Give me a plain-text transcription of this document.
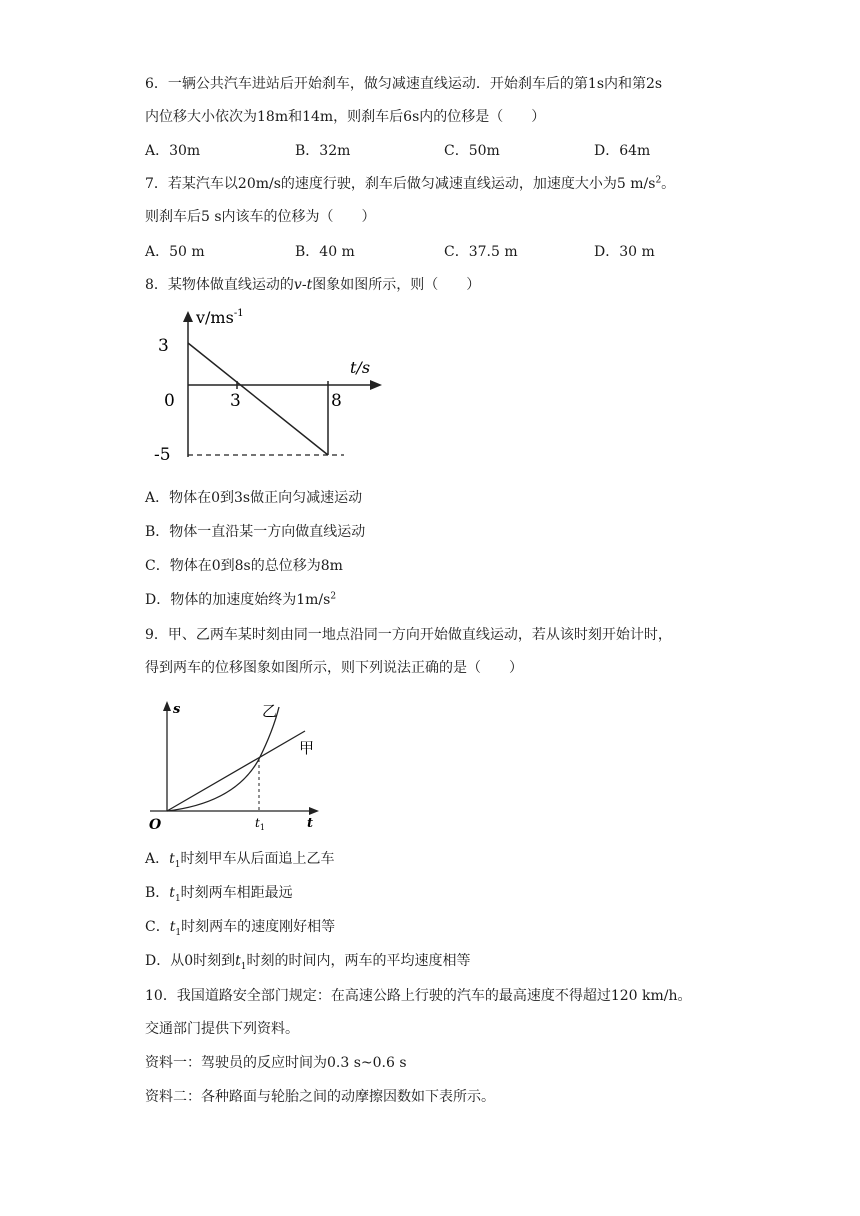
6．一辆公共汽车进站后开始刹车，做匀减速直线运动．开始刹车后的第1s内和第2s
内位移大小依次为18m和14m，则刹车后6s内的位移是（　　）
A．30m	B．32m	C．50m	D．64m
7．若某汽车以20m/s的速度行驶，刹车后做匀减速直线运动，加速度大小为5 $m/s^2$。
则刹车后5 s内该车的位移为（　　）
A．50 m	B．40 m	C．37.5 m	D．30 m
8．某物体做直线运动的v-t图象如图所示，则（　　）
$v/ms^{-1}$
t/s
3
0
-5
3	8
A．物体在0到3s做正向匀减速运动
B．物体一直沿某一方向做直线运动
C．物体在0到8s的总位移为8m
D．物体的加速度始终为$1m/s^2$
9．甲、乙两车某时刻由同一地点沿同一方向开始做直线运动，若从该时刻开始计时，
得到两车的位移图象如图所示，则下列说法正确的是（　　）
s
t
O	$t_1$
乙
甲
A．$t_1$时刻甲车从后面追上乙车
B．$t_1$时刻两车相距最远
C．$t_1$时刻两车的速度刚好相等
D．从0时刻到$t_1$时刻的时间内，两车的平均速度相等
10．我国道路安全部门规定：在高速公路上行驶的汽车的最高速度不得超过120 km/h。
交通部门提供下列资料。
资料一：驾驶员的反应时间为0.3 s~0.6 s
资料二：各种路面与轮胎之间的动摩擦因数如下表所示。
